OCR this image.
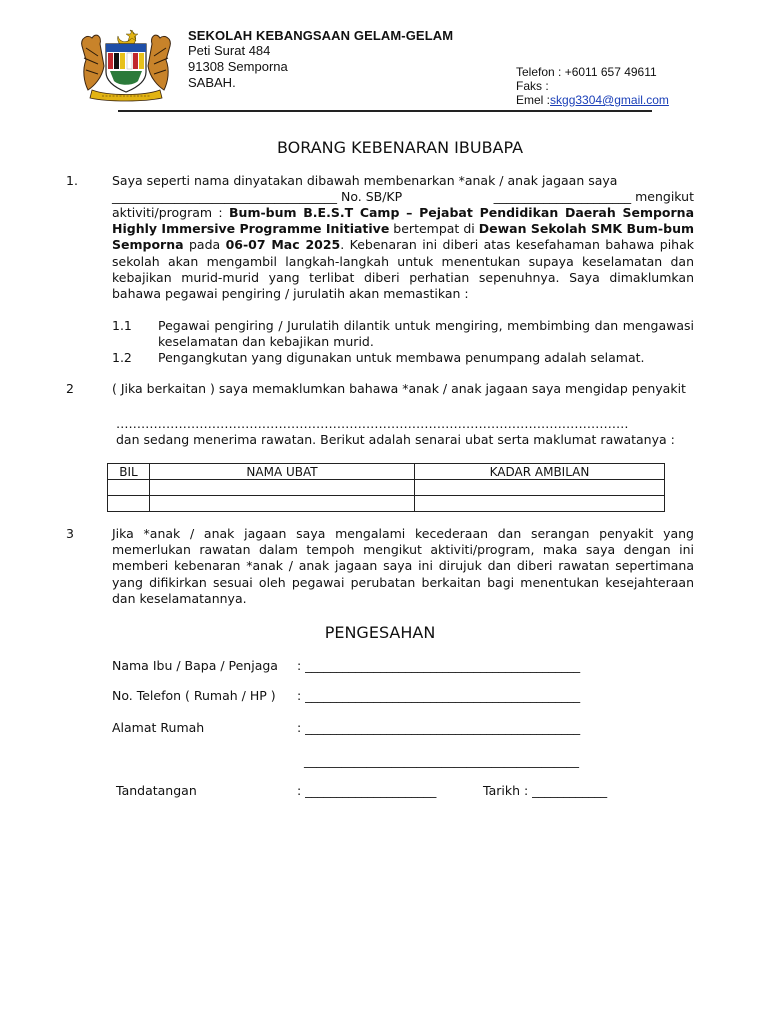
SEKOLAH KEBANGSAAN GELAM-GELAM
Peti Surat 484
91308 Semporna
SABAH.
Telefon : +6011 657 49611
Faks :
Emel :skgg3304@gmail.com
BORANG KEBENARAN IBUBAPA
1.	Saya seperti nama dinyatakan dibawah membenarkan *anak / anak jagaan saya
____________________________________ No. SB/KP	______________________ mengikut
aktiviti/program : Bum-bum B.E.S.T Camp – Pejabat Pendidikan Daerah Semporna Highly Immersive Programme Initiative bertempat di Dewan Sekolah SMK Bum-bum Semporna pada 06-07 Mac 2025. Kebenaran ini diberi atas kesefahaman bahawa pihak sekolah akan mengambil langkah-langkah untuk menentukan supaya keselamatan dan kebajikan murid-murid yang terlibat diberi perhatian sepenuhnya. Saya dimaklumkan bahawa pegawai pengiring / jurulatih akan memastikan :
1.1 Pegawai pengiring / Jurulatih dilantik untuk mengiring, membimbing dan mengawasi keselamatan dan kebajikan murid.
1.2 Pengangkutan yang digunakan untuk membawa penumpang adalah selamat.
2	( Jika berkaitan ) saya memaklumkan bahawa *anak / anak jagaan saya mengidap penyakit
……………………………………………………………………………………………………………
dan sedang menerima rawatan. Berikut adalah senarai ubat serta maklumat rawatanya :
BIL	NAMA UBAT	KADAR AMBILAN

3	Jika *anak / anak jagaan saya mengalami kecederaan dan serangan penyakit yang memerlukan rawatan dalam tempoh mengikut aktiviti/program, maka saya dengan ini memberi kebenaran *anak / anak jagaan saya ini dirujuk dan diberi rawatan sepertimana yang difikirkan sesuai oleh pegawai perubatan berkaitan bagi menentukan kesejahteraan dan keselamatannya.
PENGESAHAN
Nama Ibu / Bapa / Penjaga : ____________________________________________
No. Telefon ( Rumah / HP ) : ____________________________________________
Alamat Rumah	: ____________________________________________
____________________________________________
Tandatangan	: _____________________	Tarikh : ____________
